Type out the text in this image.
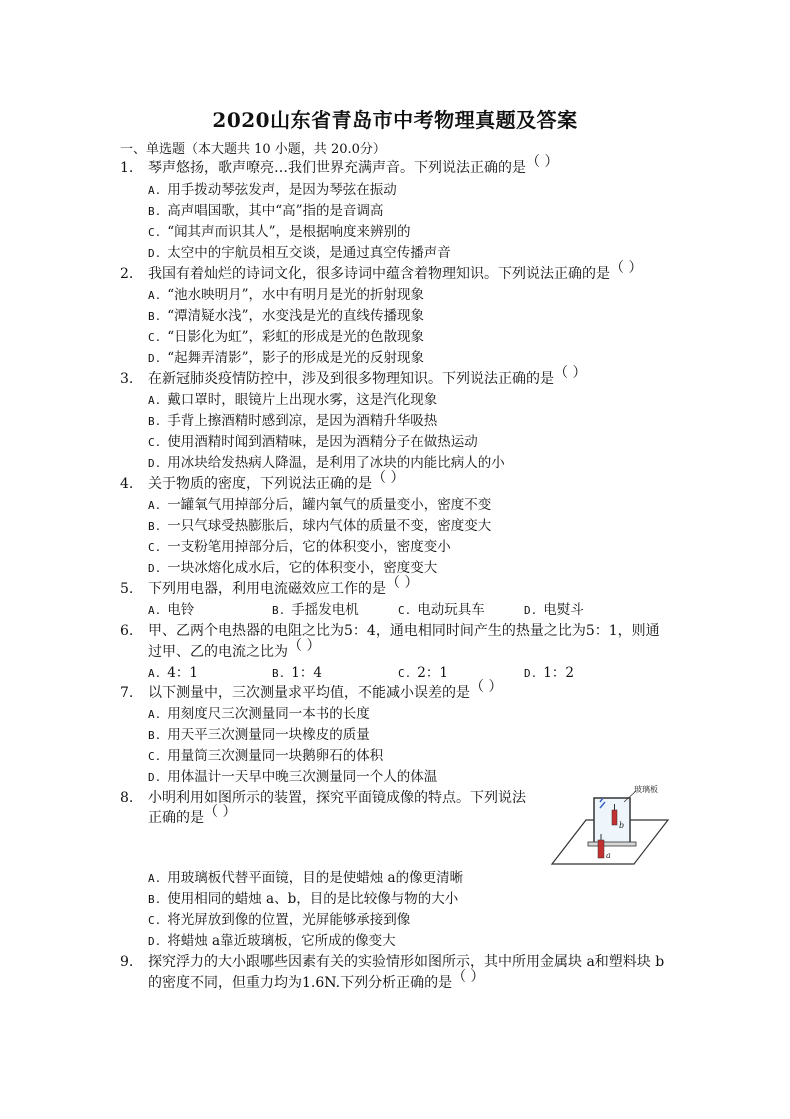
2020山东省青岛市中考物理真题及答案
一、单选题（本大题共 10 小题，共 20.0分）
1.	琴声悠扬，歌声嘹亮…我们世界充满声音。下列说法正确的是（ ）
A. 用手拨动琴弦发声，是因为琴弦在振动
B. 高声唱国歌，其中“高”指的是音调高
C. “闻其声而识其人”，是根据响度来辨别的
D. 太空中的宇航员相互交谈，是通过真空传播声音
2.	我国有着灿烂的诗词文化，很多诗词中蕴含着物理知识。下列说法正确的是（ ）
A. “池水映明月”，水中有明月是光的折射现象
B. “潭清疑水浅”，水变浅是光的直线传播现象
C. “日影化为虹”，彩虹的形成是光的色散现象
D. “起舞弄清影”，影子的形成是光的反射现象
3.	在新冠肺炎疫情防控中，涉及到很多物理知识。下列说法正确的是（ ）
A. 戴口罩时，眼镜片上出现水雾，这是汽化现象
B. 手背上擦酒精时感到凉，是因为酒精升华吸热
C. 使用酒精时闻到酒精味，是因为酒精分子在做热运动
D. 用冰块给发热病人降温，是利用了冰块的内能比病人的小
4.	关于物质的密度，下列说法正确的是（ ）
A. 一罐氧气用掉部分后，罐内氧气的质量变小，密度不变
B. 一只气球受热膨胀后，球内气体的质量不变，密度变大
C. 一支粉笔用掉部分后，它的体积变小，密度变小
D. 一块冰熔化成水后，它的体积变小，密度变大
5.	下列用电器，利用电流磁效应工作的是（ ）
A. 电铃	B. 手摇发电机	C. 电动玩具车	D. 电熨斗
6.	甲、乙两个电热器的电阻之比为5：4，通电相同时间产生的热量之比为5：1，则通
过甲、乙的电流之比为（ ）
A. 4：1	B. 1：4	C. 2：1	D. 1：2
7.	以下测量中，三次测量求平均值，不能减小误差的是（ ）
A. 用刻度尺三次测量同一本书的长度
B. 用天平三次测量同一块橡皮的质量
C. 用量筒三次测量同一块鹅卵石的体积
D. 用体温计一天早中晚三次测量同一个人的体温
8.	小明利用如图所示的装置，探究平面镜成像的特点。下列说法
正确的是（ ）
玻璃板
b
a
A. 用玻璃板代替平面镜，目的是使蜡烛 a的像更清晰
B. 使用相同的蜡烛 a、b，目的是比较像与物的大小
C. 将光屏放到像的位置，光屏能够承接到像
D. 将蜡烛 a靠近玻璃板，它所成的像变大
9.	探究浮力的大小跟哪些因素有关的实验情形如图所示，其中所用金属块 a和塑料块 b
的密度不同，但重力均为1.6N.下列分析正确的是（ ）
